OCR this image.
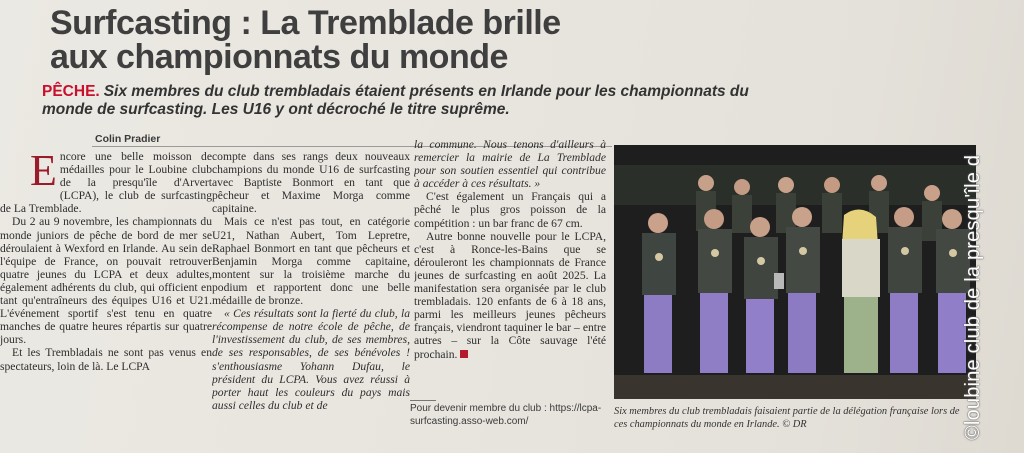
Surfcasting : La Tremblade brille
aux championnats du monde
PÊCHE. Six membres du club trembladais étaient présents en Irlande pour les championnats du monde de surfcasting. Les U16 y ont décroché le titre suprême.
Colin Pradier

Encore une belle moisson de médailles pour le Loubine club de la presqu'île d'Arvert (LCPA), le club de surfcasting de La Tremblade.

Du 2 au 9 novembre, les championnats du monde juniors de pêche de bord de mer se déroulaient à Wexford en Irlande. Au sein de l'équipe de France, on pouvait retrouver quatre jeunes du LCPA et deux adultes, également adhérents du club, qui officient en tant qu'entraîneurs des équipes U16 et U21. L'événement sportif s'est tenu en quatre manches de quatre heures répartis sur quatre jours.

Et les Trembladais ne sont pas venus en spectateurs, loin de là. Le LCPA

compte dans ses rangs deux nouveaux champions du monde U16 de surfcasting avec Baptiste Bonmort en tant que pêcheur et Maxime Morga comme capitaine.

Mais ce n'est pas tout, en catégorie U21, Nathan Aubert, Tom Lepretre, Raphael Bonmort en tant que pêcheurs et Benjamin Morga comme capitaine, montent sur la troisième marche du podium et rapportent donc une belle médaille de bronze.

« Ces résultats sont la fierté du club, la récompense de notre école de pêche, de l'investissement du club, de ses membres, de ses responsables, de ses bénévoles ! s'enthousiasme Yohann Dufau, le président du LCPA. Vous avez réussi à porter haut les couleurs du pays mais aussi celles du club et de

la commune. Nous tenons d'ailleurs à remercier la mairie de La Tremblade pour son soutien essentiel qui contribue à accéder à ces résultats. »

C'est également un Français qui a pêché le plus gros poisson de la compétition : un bar franc de 67 cm.

Autre bonne nouvelle pour le LCPA, c'est à Ronce-les-Bains que se dérouleront les championnats de France jeunes de surfcasting en août 2025. La manifestation sera organisée par le club trembladais. 120 enfants de 6 à 18 ans, parmi les meilleurs jeunes pêcheurs français, viendront taquiner le bar – entre autres – sur la Côte sauvage l'été prochain.

Pour devenir membre du club : https://lcpa-surfcasting.asso-web.com/
Six membres du club trembladais faisaient partie de la délégation française lors de ces championnats du monde en Irlande. © DR	©loubine club de la presqu'île d
